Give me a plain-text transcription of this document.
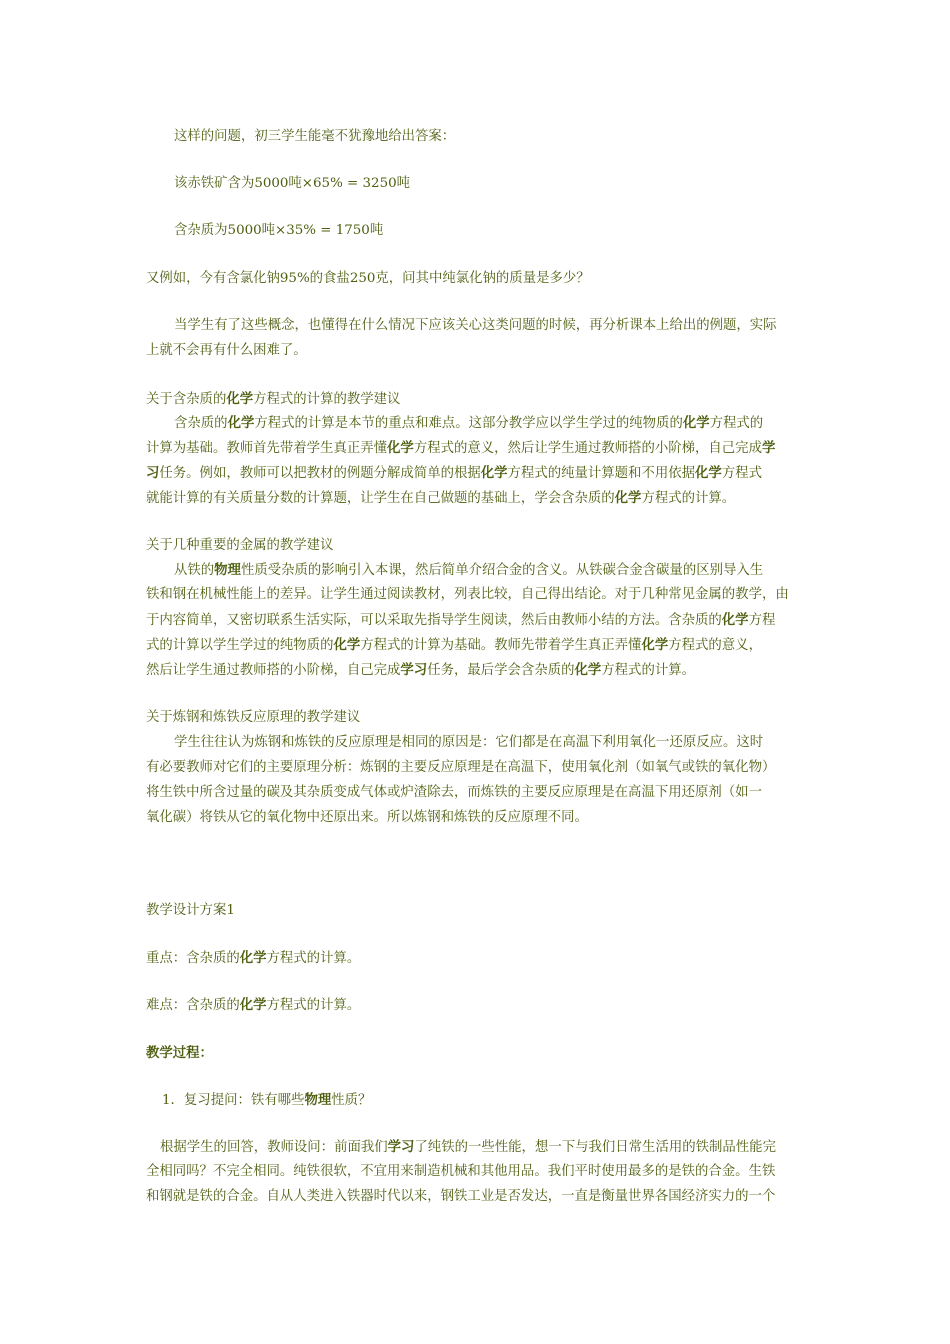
这样的问题，初三学生能毫不犹豫地给出答案：
该赤铁矿含为5000吨×65% = 3250吨
含杂质为5000吨×35% = 1750吨
又例如，今有含氯化钠95%的食盐250克，问其中纯氯化钠的质量是多少？
当学生有了这些概念，也懂得在什么情况下应该关心这类问题的时候，再分析课本上给出的例题，实际
上就不会再有什么困难了。
关于含杂质的化学方程式的计算的教学建议
含杂质的化学方程式的计算是本节的重点和难点。这部分教学应以学生学过的纯物质的化学方程式的
计算为基础。教师首先带着学生真正弄懂化学方程式的意义，然后让学生通过教师搭的小阶梯，自己完成学
习任务。例如，教师可以把教材的例题分解成简单的根据化学方程式的纯量计算题和不用依据化学方程式
就能计算的有关质量分数的计算题，让学生在自己做题的基础上，学会含杂质的化学方程式的计算。
关于几种重要的金属的教学建议
从铁的物理性质受杂质的影响引入本课，然后简单介绍合金的含义。从铁碳合金含碳量的区别导入生
铁和钢在机械性能上的差异。让学生通过阅读教材，列表比较，自己得出结论。对于几种常见金属的教学，由
于内容简单，又密切联系生活实际，可以采取先指导学生阅读，然后由教师小结的方法。含杂质的化学方程
式的计算以学生学过的纯物质的化学方程式的计算为基础。教师先带着学生真正弄懂化学方程式的意义，
然后让学生通过教师搭的小阶梯，自己完成学习任务，最后学会含杂质的化学方程式的计算。
关于炼钢和炼铁反应原理的教学建议
学生往往认为炼钢和炼铁的反应原理是相同的原因是：它们都是在高温下利用氧化一还原反应。这时
有必要教师对它们的主要原理分析：炼钢的主要反应原理是在高温下，使用氧化剂（如氧气或铁的氧化物）
将生铁中所含过量的碳及其杂质变成气体或炉渣除去，而炼铁的主要反应原理是在高温下用还原剂（如一
氧化碳）将铁从它的氧化物中还原出来。所以炼钢和炼铁的反应原理不同。
教学设计方案1
重点：含杂质的化学方程式的计算。
难点：含杂质的化学方程式的计算。
教学过程：
1．复习提问：铁有哪些物理性质？
根据学生的回答，教师设问：前面我们学习了纯铁的一些性能，想一下与我们日常生活用的铁制品性能完
全相同吗？不完全相同。纯铁很软，不宜用来制造机械和其他用品。我们平时使用最多的是铁的合金。生铁
和钢就是铁的合金。自从人类进入铁器时代以来，钢铁工业是否发达，一直是衡量世界各国经济实力的一个
